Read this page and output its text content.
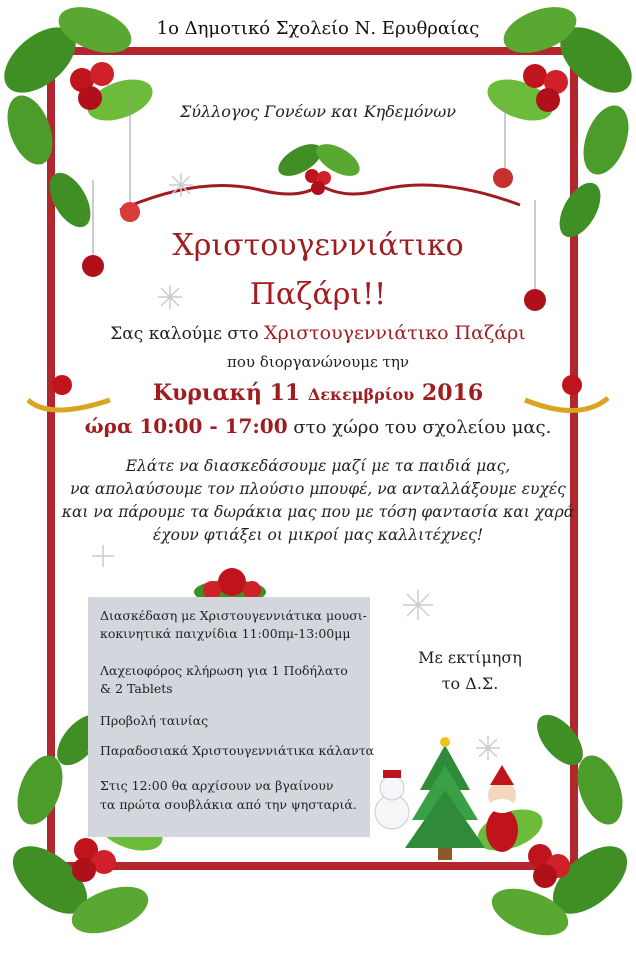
1ο Δημοτικό Σχολείο Ν. Ερυθραίας
Σύλλογος Γονέων και Κηδεμόνων
Χριστουγεννιάτικο
Παζάρι!!
Σας καλούμε στο Χριστουγεννιάτικο Παζάρι
που διοργανώνουμε την
Κυριακή 11 Δεκεμβρίου 2016
ώρα 10:00 - 17:00 στο χώρο του σχολείου μας.
Ελάτε να διασκεδάσουμε μαζί με τα παιδιά μας,
να απολαύσουμε τον πλούσιο μπουφέ, να ανταλλάξουμε ευχές
και να πάρουμε τα δωράκια μας που με τόση φαντασία και χαρά
έχουν φτιάξει οι μικροί μας καλλιτέχνες!
Διασκέδαση με Χριστουγεννιάτικα μουσι-
κοκινητικά παιχνίδια 11:00πμ-13:00μμ
Λαχειοφόρος κλήρωση για 1 Ποδήλατο
& 2 Tablets
Προβολή ταινίας
Παραδοσιακά Χριστουγεννιάτικα κάλαντα
Στις 12:00 θα αρχίσουν να βγαίνουν
τα πρώτα σουβλάκια από την ψησταριά.
Με εκτίμηση
το Δ.Σ.
